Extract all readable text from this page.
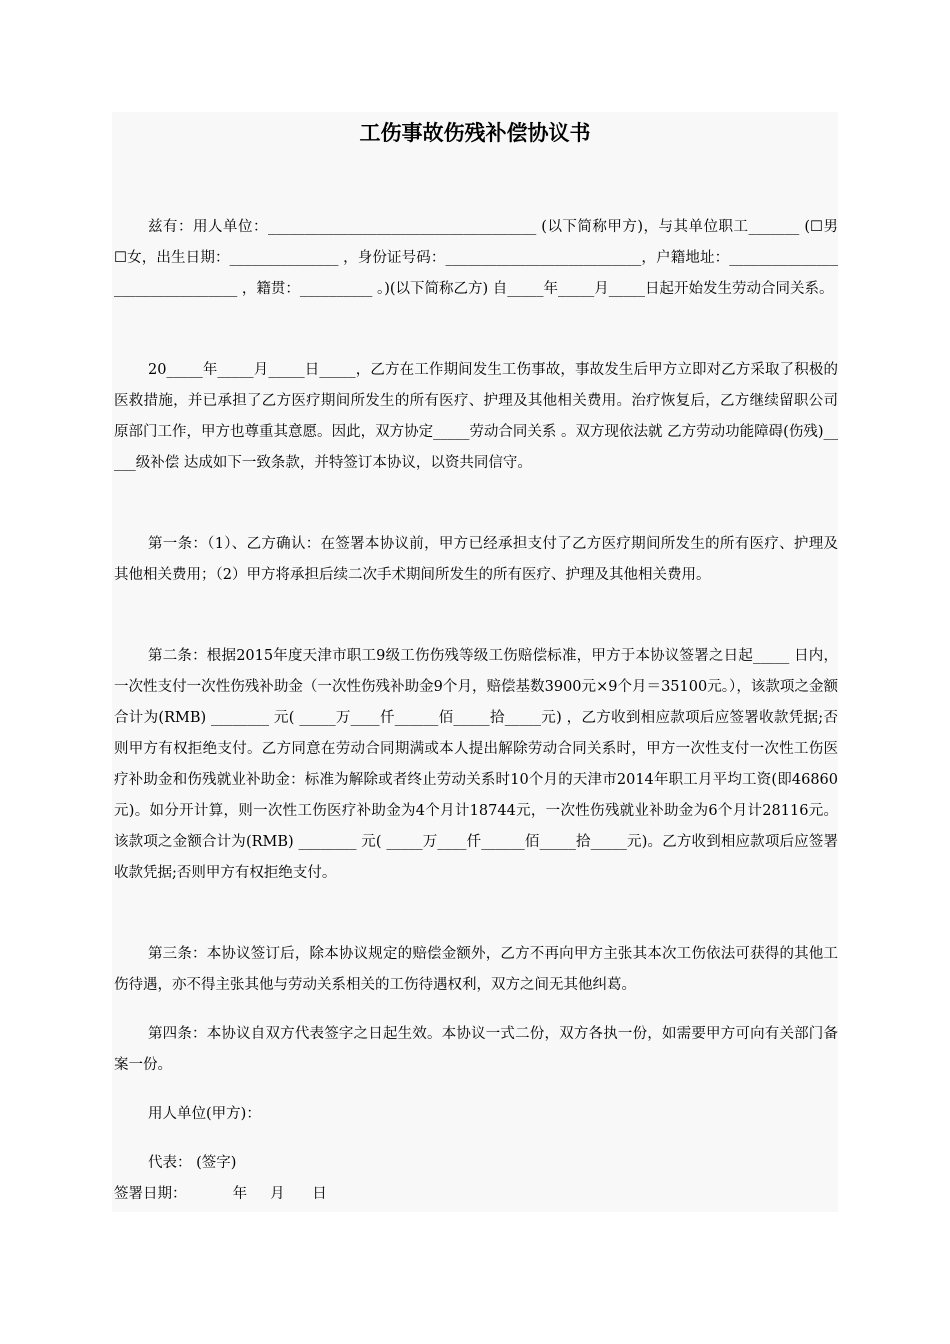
工伤事故伤残补偿协议书
兹有：用人单位：_____________________________________ (以下简称甲方)，与其单位职工_______ (☐男☐女，出生日期：_______________ ，身份证号码：___________________________，户籍地址：________________________________ ，籍贯：__________ 。)(以下简称乙方) 自_____年_____月_____日起开始发生劳动合同关系。
20_____年_____月_____日_____，乙方在工作期间发生工伤事故，事故发生后甲方立即对乙方采取了积极的医救措施，并已承担了乙方医疗期间所发生的所有医疗、护理及其他相关费用。治疗恢复后，乙方继续留职公司原部门工作，甲方也尊重其意愿。因此，双方协定_____劳动合同关系 。双方现依法就 乙方劳动功能障碍(伤残)_____级补偿 达成如下一致条款，并特签订本协议，以资共同信守。
第一条：（1）、乙方确认：在签署本协议前，甲方已经承担支付了乙方医疗期间所发生的所有医疗、护理及其他相关费用；（2）甲方将承担后续二次手术期间所发生的所有医疗、护理及其他相关费用。
第二条：根据2015年度天津市职工9级工伤伤残等级工伤赔偿标准，甲方于本协议签署之日起_____ 日内，一次性支付一次性伤残补助金（一次性伤残补助金9个月，赔偿基数3900元×9个月＝35100元。），该款项之金额合计为(RMB) ________ 元( _____万____仟______佰_____拾_____元) ，乙方收到相应款项后应签署收款凭据;否则甲方有权拒绝支付。乙方同意在劳动合同期满或本人提出解除劳动合同关系时，甲方一次性支付一次性工伤医疗补助金和伤残就业补助金：标准为解除或者终止劳动关系时10个月的天津市2014年职工月平均工资(即46860元)。如分开计算，则一次性工伤医疗补助金为4个月计18744元，一次性伤残就业补助金为6个月计28116元。该款项之金额合计为(RMB) ________ 元( _____万____仟______佰_____拾_____元)。乙方收到相应款项后应签署收款凭据;否则甲方有权拒绝支付。
第三条：本协议签订后，除本协议规定的赔偿金额外，乙方不再向甲方主张其本次工伤依法可获得的其他工伤待遇，亦不得主张其他与劳动关系相关的工伤待遇权利，双方之间无其他纠葛。
第四条：本协议自双方代表签字之日起生效。本协议一式二份，双方各执一份，如需要甲方可向有关部门备案一份。
用人单位(甲方)：
代表： (签字)
签署日期：          年     月      日
